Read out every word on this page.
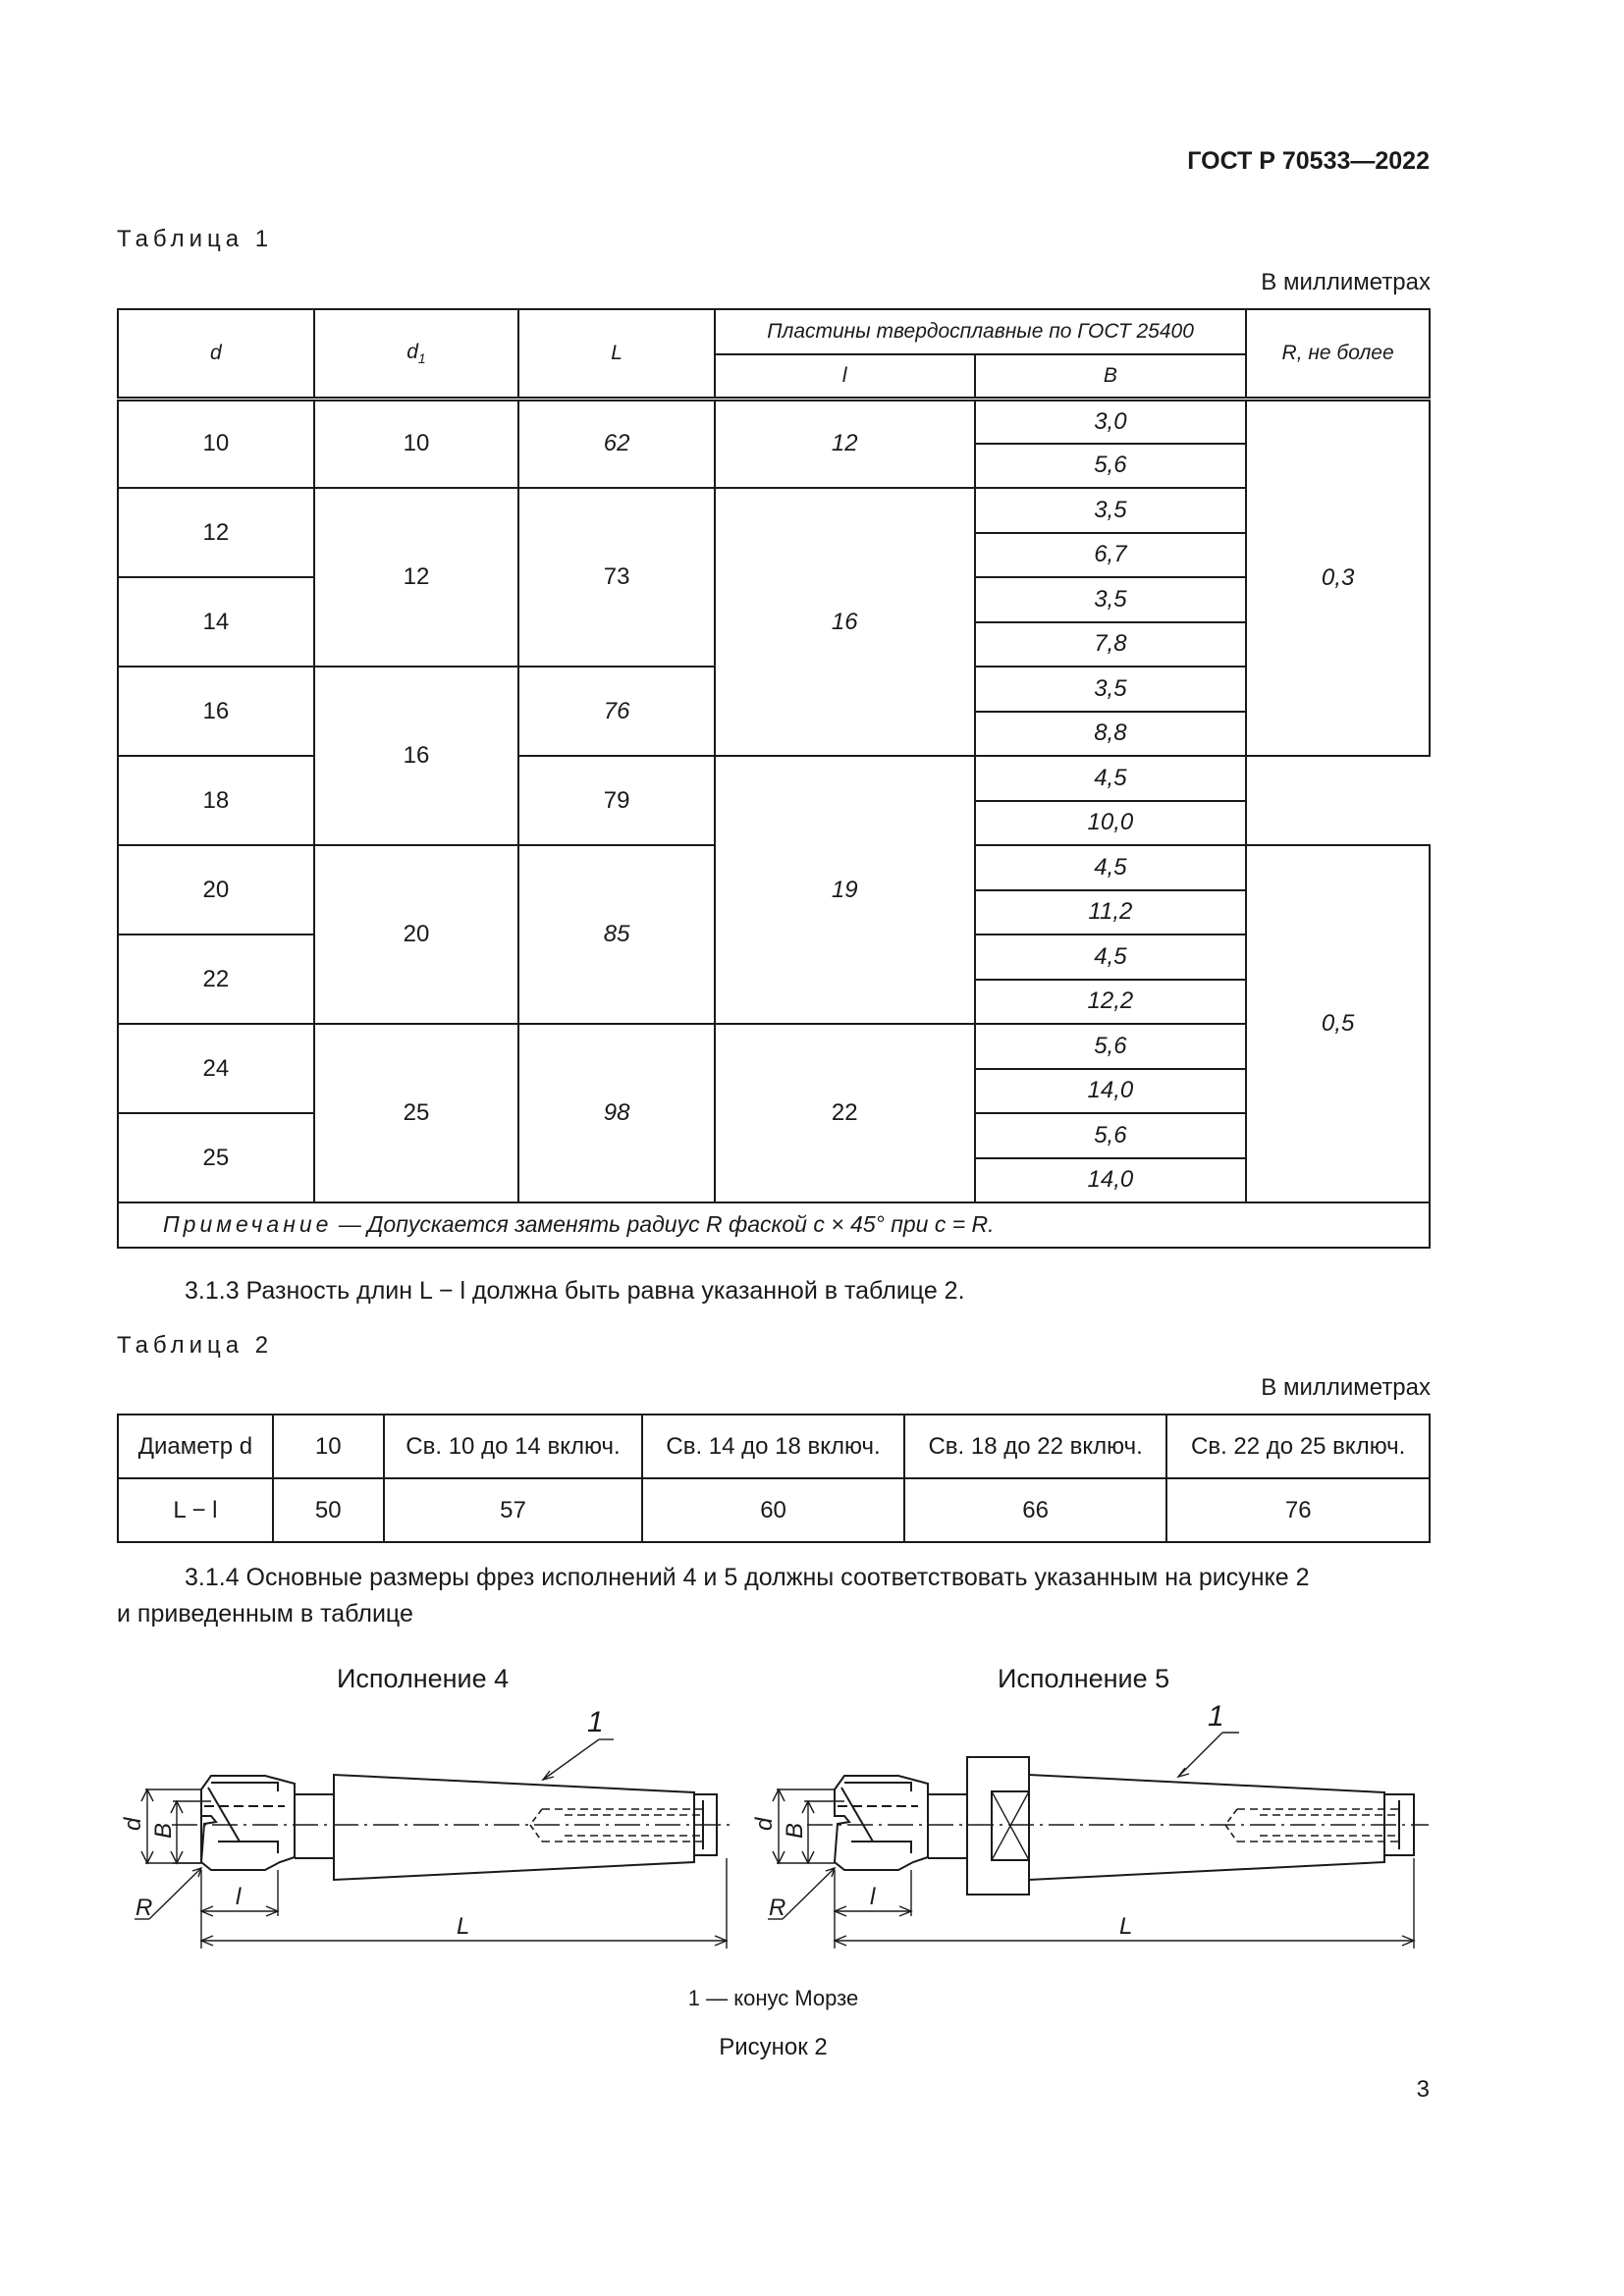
ГОСТ Р 70533—2022
Таблица 1
В миллиметрах
d	$d_1$	L	Пластины твердосплавные по ГОСТ 25400		R, не более
			l	B	
10	10	62	12	3,0	0,3
				5,6	
12	12	73	16	3,5	
				6,7	
14				3,5	
				7,8	
16	16	76		3,5	
				8,8	
18		79	19	4,5	
				10,0	
20	20	85		4,5	0,5
				11,2	
22				4,5	
				12,2	
24	25	98	22	5,6	
				14,0	
25				5,6	
				14,0	
Примечание — Допускается заменять радиус R фаской c × 45° при c = R.					
3.1.3 Разность длин L − l должна быть равна указанной в таблице 2.
Таблица 2
В миллиметрах
Диаметр d	10	Св. 10 до 14 включ.	Св. 14 до 18 включ.	Св. 18 до 22 включ.	Св. 22 до 25 включ.
L − l	50	57	60	66	76
3.1.4 Основные размеры фрез исполнений 4 и 5 должны соответствовать указанным на рисунке 2
и приведенным в таблице
Исполнение 4	Исполнение 5
d B
R	l
L
1
d B
R	l
L
1
1 — конус Морзе
Рисунок 2
3
